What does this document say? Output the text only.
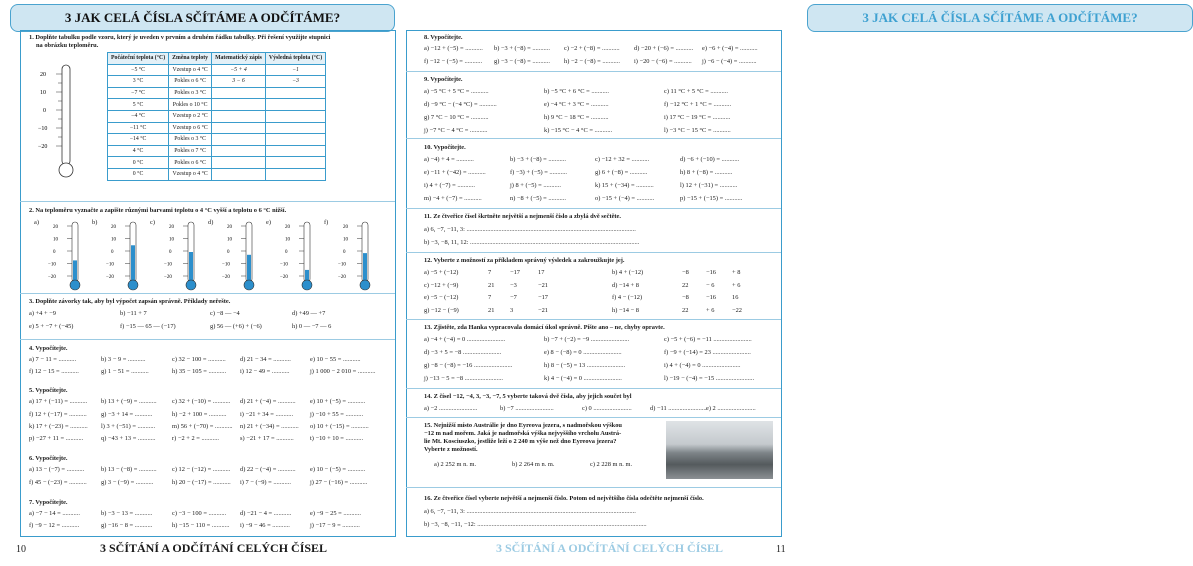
3 JAK CELÁ ČÍSLA SČÍTÁME A ODČÍTÁME?
1. Doplňte tabulku podle vzoru, který je uveden v prvním a druhém řádku tabulky. Při řešení využijte stupnici
na obrázku teploměru.
20
10
0
−10
−20
Počáteční teplota (°C)	Změna teploty	Matematický zápis	Výsledná teplota (°C)
−5 °C	Vzestup o 4 °C	−5 + 4	−1
3 °C	Pokles o 6 °C	3 − 6	−3
−7 °C	Pokles o 3 °C		
5 °C	Pokles o 10 °C		
−4 °C	Vzestup o 2 °C		
−11 °C	Vzestup o 6 °C		
−14 °C	Pokles o 3 °C		
4 °C	Pokles o 7 °C		
0 °C	Pokles o 6 °C		
0 °C	Vzestup o 4 °C		
2. Na teploměru vyznačte a zapište různými barvami teplotu o 4 °C vyšší a teplotu o 6 °C nižší.
a)
20
10
0
−10
−20
b)
20
10
0
−10
−20
c)
20
10
0
−10
−20
d)
20
10
0
−10
−20
e)
20
10
0
−10
−20
f)
20
10
0
−10
−20
3. Doplňte závorky tak, aby byl výpočet zapsán správně. Příklady neřešte.
a) +4 + −9	b) −11 + 7	c) −8 — −4	d) +49 — +7
e) 5 + −7 + (−45)	f) −15 — 65 — (−17)	g) 56 — (+6) + (−6)	h) 0 — −7 — 6
4. Vypočítejte.
a) 7 − 11 = ...........	b) 3 − 9 = ...........	c) 32 − 100 = ........... d) 21 − 34 = ...........	e) 10 − 55 = ...........
f) 12 − 15 = ...........	g) 1 − 51 = ...........	h) 35 − 105 = ........... i) 12 − 49 = ...........	j) 1 000 − 2 010 = ...........
5. Vypočítejte.
a) 17 + (−11) = ........... b) 13 + (−9) = ........... c) 32 + (−10) = ........... d) 21 + (−4) = ........... e) 10 + (−5) = ...........
f) 12 + (−17) = ........... g) −3 + 14 = ...........	h) −2 + 100 = ........... i) −21 + 34 = ...........	j) −10 + 55 = ...........
k) 17 + (−23) = ........... l) 3 + (−51) = ...........	m) 56 + (−70) = ........... n) 21 + (−34) = ........... o) 10 + (−15) = ...........
p) −27 + 11 = ...........	q) −43 + 13 = ...........	r) −2 + 2 = ...........	s) −21 + 17 = ...........	t) −10 + 10 = ...........
6. Vypočítejte.
a) 13 − (−7) = ...........	b) 13 − (−8) = ........... c) 12 − (−12) = ........... d) 22 − (−4) = ........... e) 10 − (−5) = ...........
f) 45 − (−23) = ........... g) 3 − (−9) = ...........	h) 20 − (−17) = ........... i) 7 − (−9) = ...........	j) 27 − (−16) = ...........
7. Vypočítejte.
a) −7 − 14 = ...........	b) −3 − 13 = ...........	c) −3 − 100 = ........... d) −21 − 4 = ...........	e) −9 − 25 = ...........
f) −9 − 12 = ...........	g) −16 − 8 = ...........	h) −15 − 110 = ........... i) −9 − 46 = ...........	j) −17 − 9 = ...........
3 SČÍTÁNÍ A ODČÍTÁNÍ CELÝCH ČÍSEL
10
3 JAK CELÁ ČÍSLA SČÍTÁME A ODČÍTÁME?
8. Vypočítejte.
a) −12 + (−5) = ........... b) −3 + (−8) = ........... c) −2 + (−8) = ........... d) −20 + (−6) = ........... e) −6 + (−4) = ...........
f) −12 − (−5) = ........... g) −3 − (−8) = ........... h) −2 − (−8) = ........... i) −20 − (−6) = ........... j) −6 − (−4) = ...........
9. Vypočítejte.
a) −5 °C + 5 °C = ...........	b) −5 °C + 6 °C = ...........	c) 11 °C + 5 °C = ...........
d) −9 °C − (−4 °C) = ...........	e) −4 °C + 3 °C = ...........	f) −12 °C + 1 °C = ...........
g) 7 °C − 10 °C = ...........	h) 9 °C − 18 °C = ...........	i) 17 °C − 19 °C = ...........
j) −7 °C − 4 °C = ...........	k) −15 °C − 4 °C = ...........	l) −3 °C − 15 °C = ...........
10. Vypočítejte.
a) −4) + 4 = ...........	b) −3 + (−8) = ...........	c) −12 + 32 = ...........	d) −6 + (−10) = ...........
e) −11 + (−42) = ...........	f) −3) + (−5) = ...........	g) 6 + (−8) = ...........	h) 8 + (−8) = ...........
i) 4 + (−7) = ...........	j) 8 + (−5) = ...........	k) 15 + (−34) = ...........	l) 12 + (−31) = ...........
m) −4 + (−7) = ...........	n) −8 + (−5) = ...........	o) −15 + (−4) = ...........	p) −15 + (−15) = ...........
11. Ze čtveřice čísel škrtněte největší a nejmenší číslo a zbylá dvě sečtěte.
a) 6, −7, −11, 3: ..........................................................................................................
b) −3, −8, 11, 12: ..........................................................................................................
12. Vyberte z možností za příkladem správný výsledek a zakroužkujte jej.
a) −5 + (−12)	7	−17	17
c) −12 + (−9)	21 −3	−21
e) −5 − (−12)	7	−7	−17
g) −12 − (−9)	21 3	−21
b) 4 + (−12)	−8	−16	+ 8
d) −14 + 8	22	− 6	+ 6
f) 4 − (−12)	−8	−16	16
h) −14 − 8	22	+ 6	−22
13. Zjistěte, zda Hanka vypracovala domácí úkol správně. Pište ano – ne, chyby opravte.
a) −4 + (−4) = 0 ........................	b) −7 + (−2) = −9 ........................	c) −5 + (−6) = −11 ........................
d) −3 + 5 = −8 ........................	e) 8 − (−8) = 0 ........................	f) −9 + (−14) = 23 ........................
g) −8 − (−8) = −16 ........................	h) 8 − (−5) = 13 ........................	i) 4 + (−4) = 0 ........................
j) −13 − 5 = −8 ........................	k) 4 − (−4) = 0 ........................	l) −19 − (−4) = −15 ........................
14. Z čísel −12, −4, 3, −3, −7, 5 vyberte taková dvě čísla, aby jejich součet byl
a) −2 ........................	b) −7 ........................	c) 0 ........................	d) −11 ........................ e) 2 ........................
15. Nejnižší místo Austrálie je dno Eyreova jezera, s nadmořskou výškou
−12 m nad mořem. Jaká je nadmořská výška nejvyššího vrcholu Austrá-
lie Mt. Kosciuszko, jestliže leží o 2 240 m výše než dno Eyreova jezera?
Vyberte z možností.
a) 2 252 m n. m.	b) 2 264 m n. m.	c) 2 228 m n. m.
16. Ze čtveřice čísel vyberte největší a nejmenší číslo. Potom od největšího čísla odečtěte nejmenší číslo.
a) 6, −7, −11, 3: ..........................................................................................................
b) −3, −8, −11, −12: ..........................................................................................................
3 SČÍTÁNÍ A ODČÍTÁNÍ CELÝCH ČÍSEL	11
